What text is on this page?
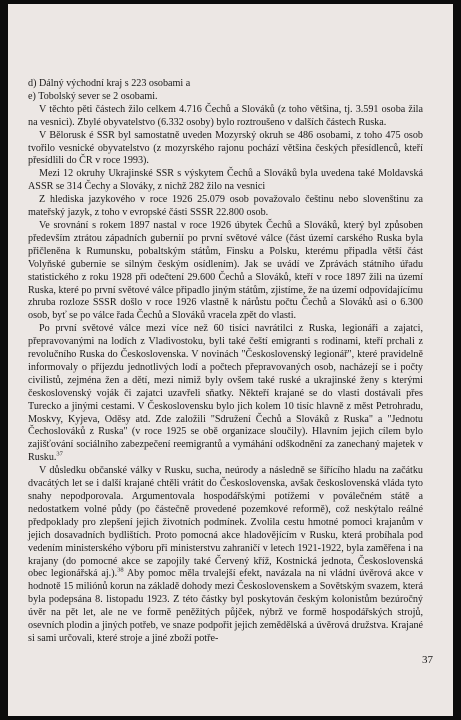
d) Dálný východní kraj s 223 osobami a

e) Tobolský sever se 2 osobami.

V těchto pěti částech žilo celkem 4.716 Čechů a Slováků (z toho většina, tj. 3.591 osoba žila na vesnici). Zbylé obyvatelstvo (6.332 osoby) bylo roztroušeno v dalších částech Ruska.

V Bělorusk é SSR byl samostatně uveden Mozyrský okruh se 486 osobami, z toho 475 osob tvořilo vesnické obyvatelstvo (z mozyrského rajonu pochází většina českých přesídlenců, kteří přesídlili do ČR v roce 1993).

Mezi 12 okruhy Ukrajinské SSR s výskytem Čechů a Slováků byla uvedena také Moldavská ASSR se 314 Čechy a Slováky, z nichž 282 žilo na vesnici

Z hlediska jazykového v roce 1926 25.079 osob považovalo češtinu nebo slovenštinu za mateřský jazyk, z toho v evropské části SSSR 22.800 osob.

Ve srovnání s rokem 1897 nastal v roce 1926 úbytek Čechů a Slováků, který byl způsoben především ztrátou západních gubernií po první světové válce (část území carského Ruska byla přičleněna k Rumunsku, pobaltským státům, Finsku a Polsku, kterému připadla větší část Volyňské gubernie se silným českým osídlením). Jak se uvádí ve Zprávách státního úřadu statistického z roku 1928 při odečtení 29.600 Čechů a Slováků, kteří v roce 1897 žili na území Ruska, které po první světové válce připadlo jiným státům, zjistíme, že na území odpovídajícímu zhruba rozloze SSSR došlo v roce 1926 vlastně k nárůstu počtu Čechů a Slováků asi o 6.300 osob, byť se po válce řada Čechů a Slováků vracela zpět do vlasti.

Po první světové válce mezi více než 60 tisíci navrátilci z Ruska, legionáři a zajatci, přepravovanými na lodích z Vladivostoku, byli také čeští emigranti s rodinami, kteří prchali z revolučního Ruska do Československa. V novinách "Československý legionář", které pravidelně informovaly o příjezdu jednotlivých lodí a počtech přepravovaných osob, nacházejí se i počty civilistů, zejména žen a dětí, mezi nimiž byly ovšem také ruské a ukrajinské ženy s kterými československý voják či zajatci uzavřeli sňatky. Někteří krajané se do vlasti dostávali přes Turecko a jinými cestami. V Československu bylo jich kolem 10 tisíc hlavně z měst Petrohradu, Moskvy, Kyjeva, Oděsy atd. Zde založili "Sdružení Čechů a Slováků z Ruska" a "Jednotu Čechoslováků z Ruska" (v roce 1925 se obě organizace sloučily). Hlavním jejich cílem bylo zajišťování sociálního zabezpečení reemigrantů a vymáhání odškodnění za zanechaný majetek v Rusku.$^{37}$

V důsledku občanské války v Rusku, sucha, neúrody a následně se šířícího hladu na začátku dvacátých let se i další krajané chtěli vrátit do Československa, avšak československá vláda tyto snahy nepodporovala. Argumentovala hospodářskými potížemi v poválečném státě a nedostatkem volné půdy (po částečně provedené pozemkové reformě), což neskýtalo reálné předpoklady pro zlepšení jejich životních podmínek. Zvolila cestu hmotné pomoci krajanům v jejich dosavadních bydlištích. Proto pomocná akce hladovějícím v Rusku, která probíhala pod vedením ministerského výboru při ministerstvu zahraničí v letech 1921-1922, byla zaměřena i na krajany (do pomocné akce se zapojily také Červený kříž, Kostnická jednota, Československá obec legionářská aj.).$^{38}$ Aby pomoc měla trvalejší efekt, navázala na ni vládní úvěrová akce v hodnotě 15 miliónů korun na základě dohody mezi Československem a Sovětským svazem, která byla podepsána 8. listopadu 1923. Z této částky byl poskytován českým kolonistům bezúročný úvěr na pět let, ale ne ve formě peněžitých půjček, nýbrž ve formě hospodářských strojů, osevních plodin a jiných potřeb, ve snaze podpořit jejich zemědělská a úvěrová družstva. Krajané si sami určovali, které stroje a jiné zboží potře-

37
